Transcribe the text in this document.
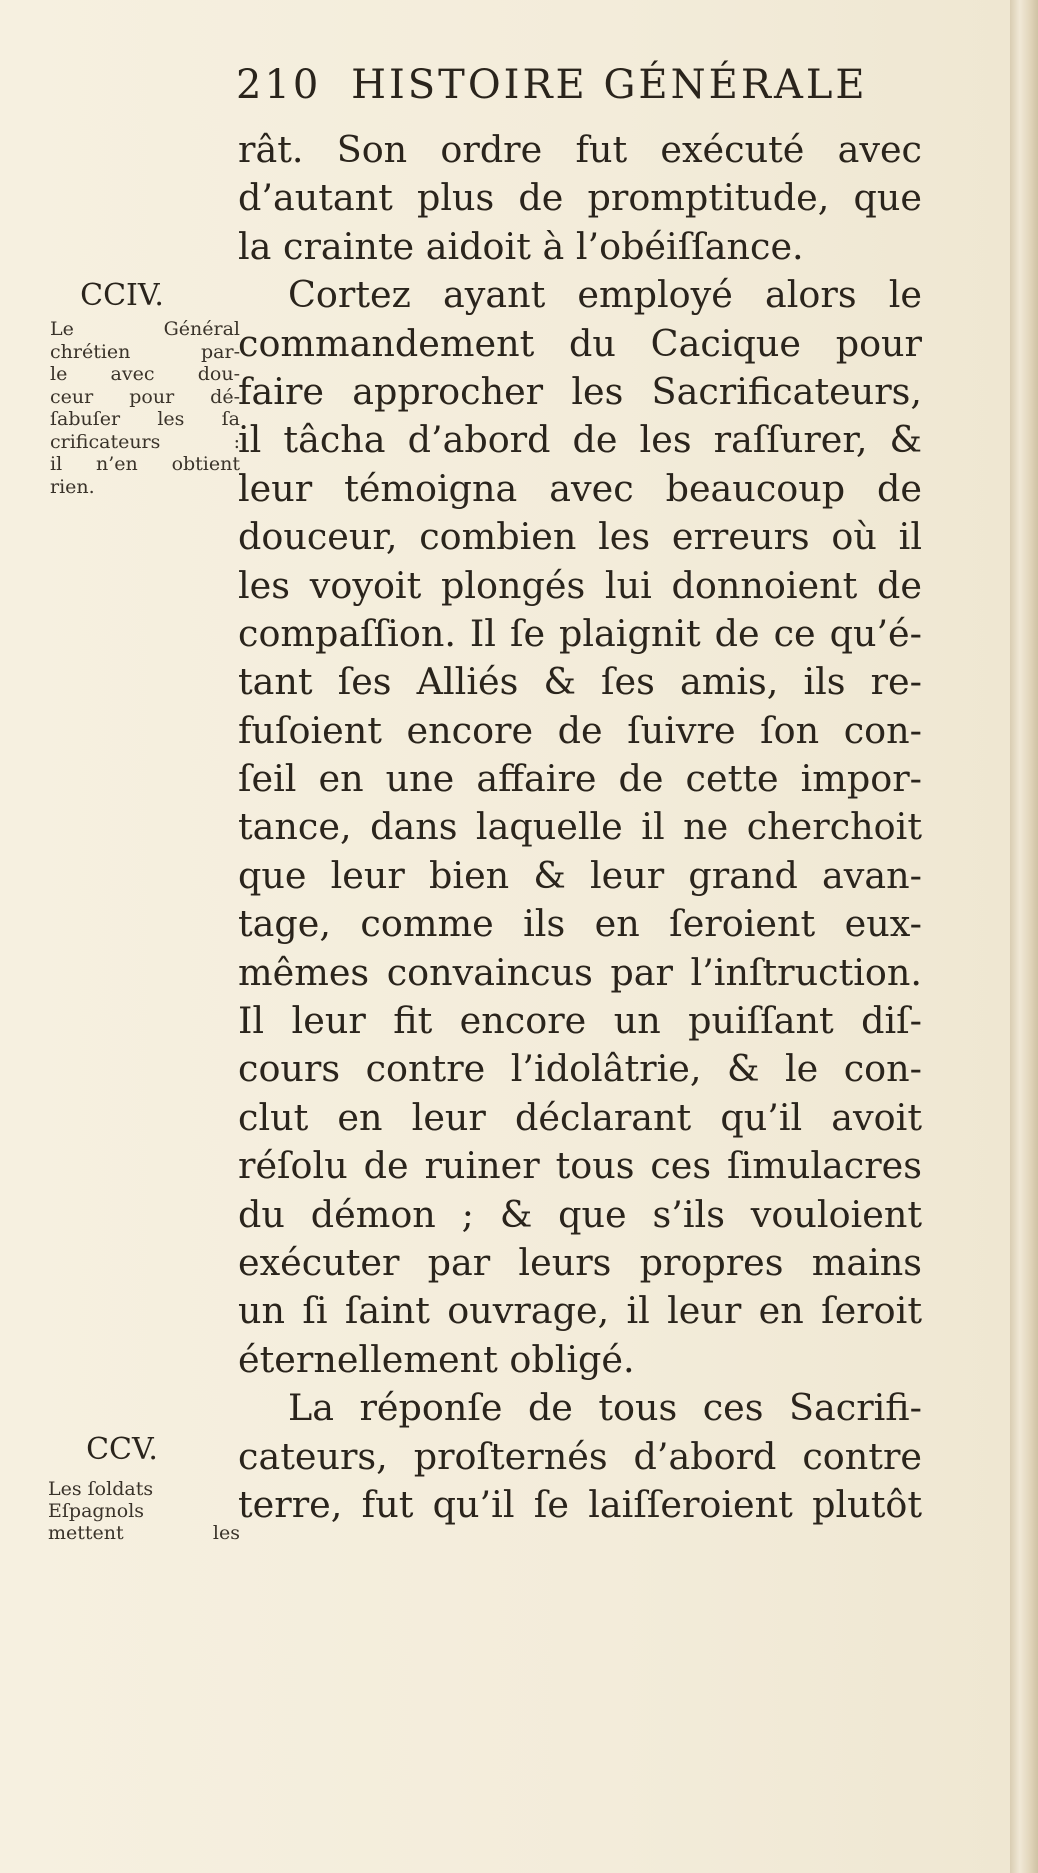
210 HISTOIRE GÉNÉRALE
rât. Son ordre fut exécuté avec
d’autant plus de promptitude, que
la crainte aidoit à l’obéiſſance.
Cortez ayant employé alors le
commandement du Cacique pour
faire approcher les Sacrificateurs,
il tâcha d’abord de les raſſurer, &
leur témoigna avec beaucoup de
douceur, combien les erreurs où il
les voyoit plongés lui donnoient de
compaſſion. Il ſe plaignit de ce qu’é-
tant ſes Alliés & ſes amis, ils re-
fuſoient encore de ſuivre ſon con-
ſeil en une affaire de cette impor-
tance, dans laquelle il ne cherchoit
que leur bien & leur grand avan-
tage, comme ils en ſeroient eux-
mêmes convaincus par l’inſtruction.
Il leur fit encore un puiſſant diſ-
cours contre l’idolâtrie, & le con-
clut en leur déclarant qu’il avoit
réſolu de ruiner tous ces ſimulacres
du démon ; & que s’ils vouloient
exécuter par leurs propres mains
un ſi ſaint ouvrage, il leur en ſeroit
éternellement obligé.
La réponſe de tous ces Sacrifi-
cateurs, proſternés d’abord contre
terre, fut qu’il ſe laiſſeroient plutôt
CCIV.
Le Général
chrétien par-
le avec dou-
ceur pour dé-
ſabuſer les ſa
crificateurs :
il n’en obtient
rien.
CCV.
Les ſoldats
Eſpagnols
mettent les
